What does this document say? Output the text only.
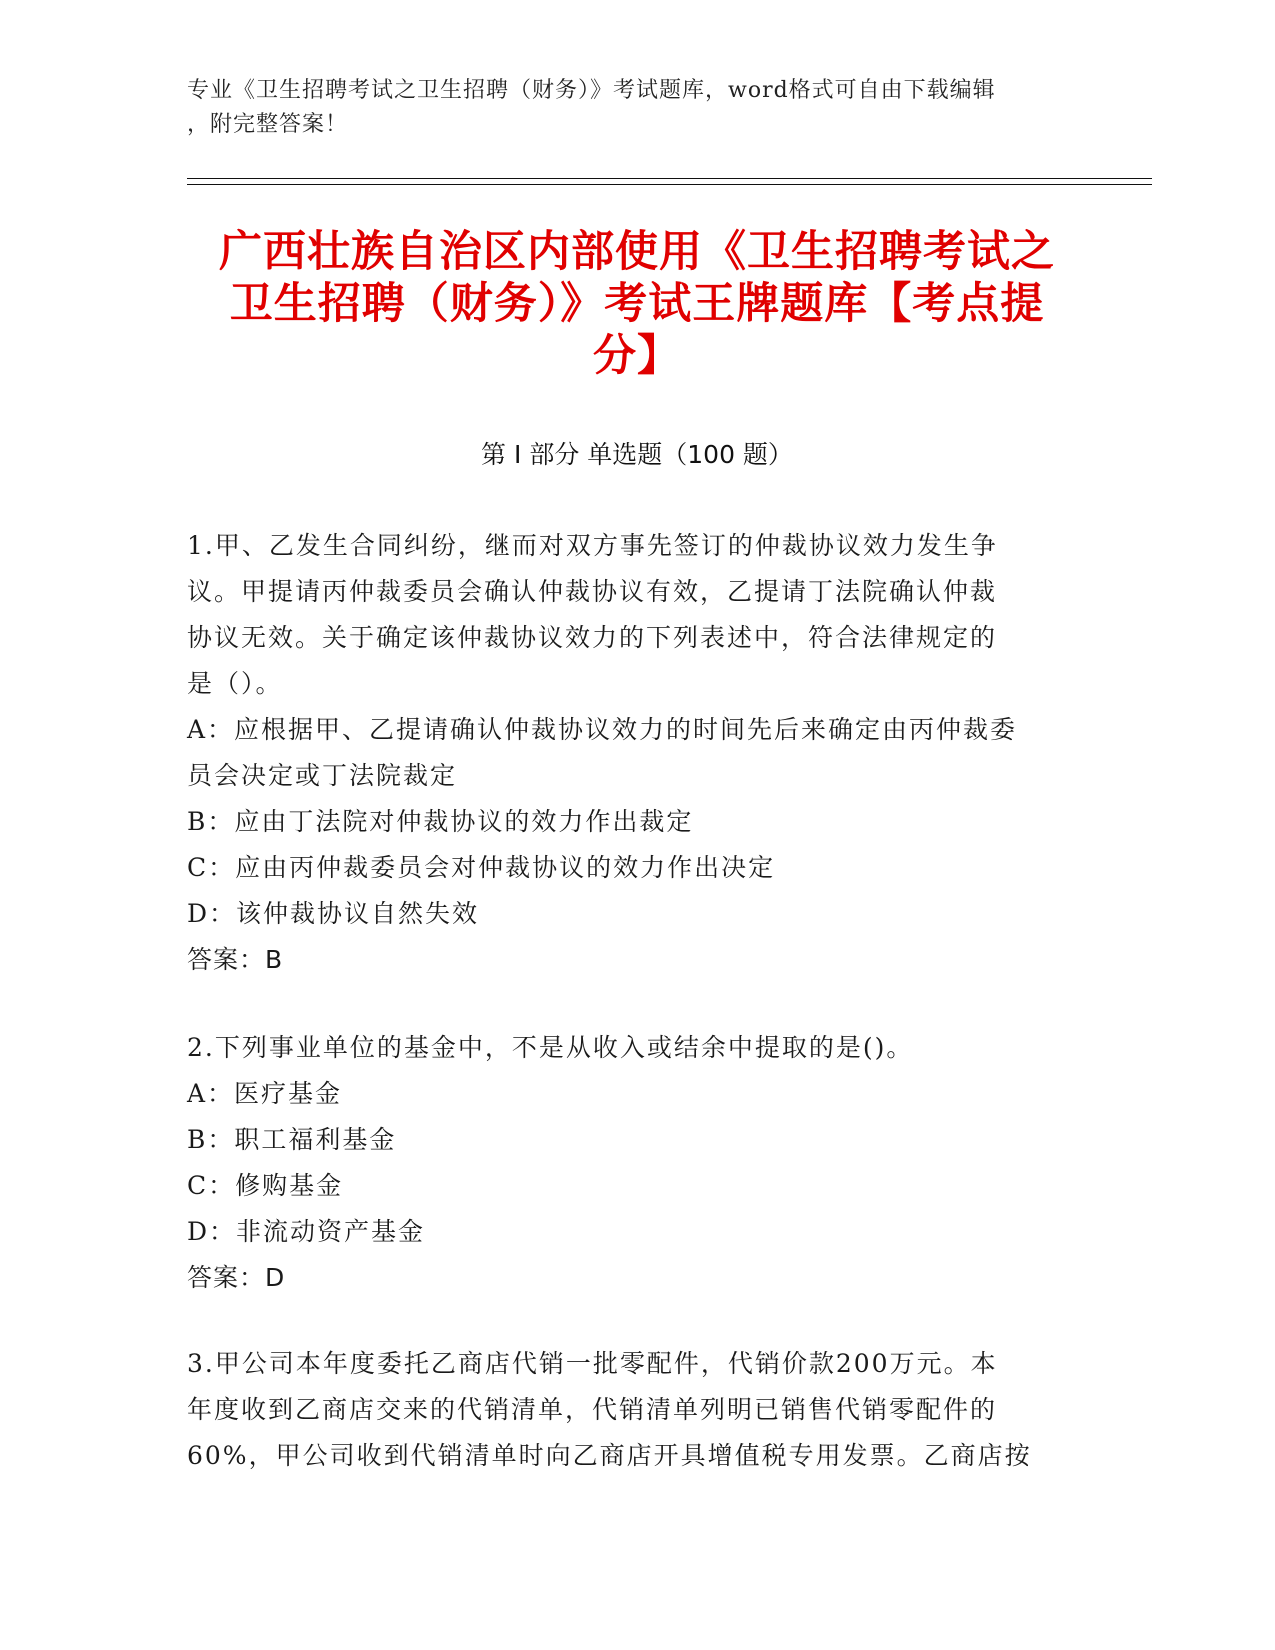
专业《卫生招聘考试之卫生招聘（财务）》考试题库，word格式可自由下载编辑
，附完整答案！
广西壮族自治区内部使用《卫生招聘考试之
卫生招聘（财务）》考试王牌题库【考点提
分】
第 I 部分 单选题（100 题）

1.甲、乙发生合同纠纷，继而对双方事先签订的仲裁协议效力发生争

议。甲提请丙仲裁委员会确认仲裁协议有效，乙提请丁法院确认仲裁

协议无效。关于确定该仲裁协议效力的下列表述中，符合法律规定的

是（）。

A：应根据甲、乙提请确认仲裁协议效力的时间先后来确定由丙仲裁委

员会决定或丁法院裁定

B：应由丁法院对仲裁协议的效力作出裁定

C：应由丙仲裁委员会对仲裁协议的效力作出决定

D：该仲裁协议自然失效

答案：B

2.下列事业单位的基金中，不是从收入或结余中提取的是()。

A：医疗基金

B：职工福利基金

C：修购基金

D：非流动资产基金

答案：D

3.甲公司本年度委托乙商店代销一批零配件，代销价款200万元。本

年度收到乙商店交来的代销清单，代销清单列明已销售代销零配件的

60%，甲公司收到代销清单时向乙商店开具增值税专用发票。乙商店按
